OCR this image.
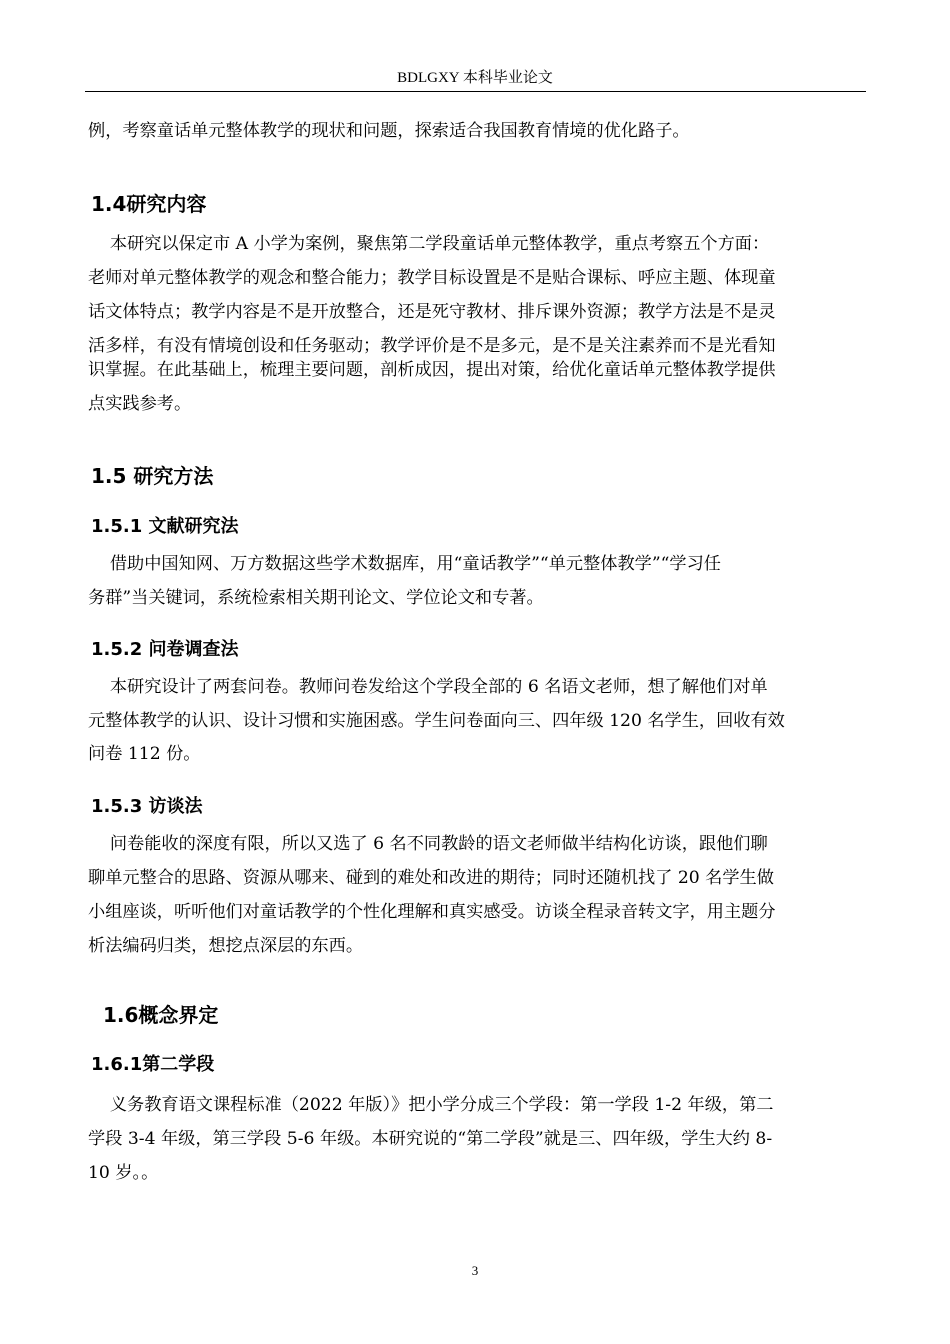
BDLGXY 本科毕业论文

例，考察童话单元整体教学的现状和问题，探索适合我国教育情境的优化路子。

1.4研究内容

本研究以保定市 A 小学为案例，聚焦第二学段童话单元整体教学，重点考察五个方面：

老师对单元整体教学的观念和整合能力；教学目标设置是不是贴合课标、呼应主题、体现童

话文体特点；教学内容是不是开放整合，还是死守教材、排斥课外资源；教学方法是不是灵

活多样，有没有情境创设和任务驱动；教学评价是不是多元，是不是关注素养而不是光看知

识掌握。在此基础上，梳理主要问题，剖析成因，提出对策，给优化童话单元整体教学提供

点实践参考。

1.5 研究方法
1.5.1 文献研究法

借助中国知网、万方数据这些学术数据库，用“童话教学”“单元整体教学”“学习任

务群”当关键词，系统检索相关期刊论文、学位论文和专著。

1.5.2 问卷调查法

本研究设计了两套问卷。教师问卷发给这个学段全部的 6 名语文老师，想了解他们对单

元整体教学的认识、设计习惯和实施困惑。学生问卷面向三、四年级 120 名学生，回收有效

问卷 112 份。

1.5.3 访谈法

问卷能收的深度有限，所以又选了 6 名不同教龄的语文老师做半结构化访谈，跟他们聊

聊单元整合的思路、资源从哪来、碰到的难处和改进的期待；同时还随机找了 20 名学生做

小组座谈，听听他们对童话教学的个性化理解和真实感受。访谈全程录音转文字，用主题分

析法编码归类，想挖点深层的东西。

1.6概念界定
1.6.1第二学段

义务教育语文课程标准（2022 年版）》把小学分成三个学段：第一学段 1-2 年级，第二

学段 3-4 年级，第三学段 5-6 年级。本研究说的“第二学段”就是三、四年级，学生大约 8-

10 岁。。

3
